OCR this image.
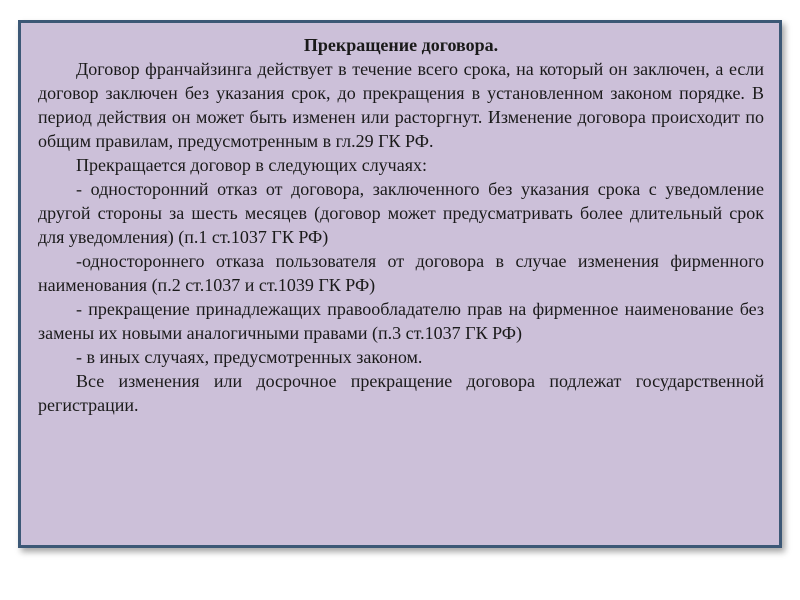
Прекращение договора.

Договор франчайзинга действует в течение всего срока, на который он заключен, а если договор заключен без указания срок, до прекращения в установленном законом порядке. В период действия он может быть изменен или расторгнут. Изменение договора происходит по общим правилам, предусмотренным в гл.29 ГК РФ.

Прекращается договор в следующих случаях:

- односторонний отказ от договора, заключенного без указания срока с уведомление другой стороны за шесть месяцев (договор может предусматривать более длительный срок для уведомления) (п.1 ст.1037 ГК РФ)

-одностороннего отказа пользователя от договора в случае изменения фирменного наименования (п.2 ст.1037 и ст.1039 ГК РФ)

- прекращение принадлежащих правообладателю прав на фирменное наименование без замены их новыми аналогичными правами (п.3 ст.1037 ГК РФ)

- в иных случаях, предусмотренных законом.

Все изменения или досрочное прекращение договора подлежат государственной регистрации.
